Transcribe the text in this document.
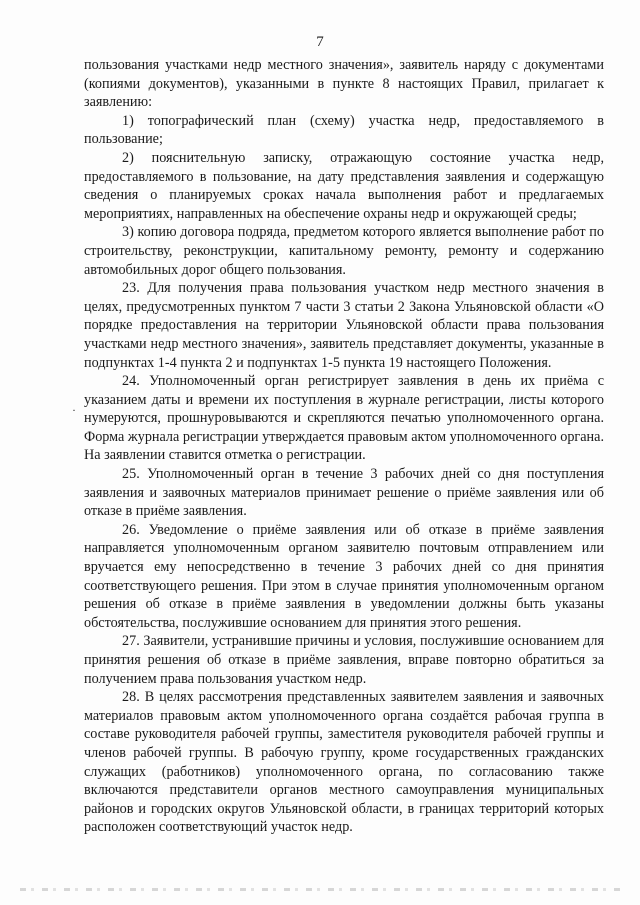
7

пользования участками недр местного значения», заявитель наряду с документами (копиями документов), указанными в пункте 8 настоящих Правил, прилагает к заявлению:

1) топографический план (схему) участка недр, предоставляемого в пользование;

2) пояснительную записку, отражающую состояние участка недр, предоставляемого в пользование, на дату представления заявления и содержащую сведения о планируемых сроках начала выполнения работ и предлагаемых мероприятиях, направленных на обеспечение охраны недр и окружающей среды;

3) копию договора подряда, предметом которого является выполнение работ по строительству, реконструкции, капитальному ремонту, ремонту и содержанию автомобильных дорог общего пользования.

23. Для получения права пользования участком недр местного значения в целях, предусмотренных пунктом 7 части 3 статьи 2 Закона Ульяновской области «О порядке предоставления на территории Ульяновской области права пользования участками недр местного значения», заявитель представляет документы, указанные в подпунктах 1-4 пункта 2 и подпунктах 1-5 пункта 19 настоящего Положения.

24. Уполномоченный орган регистрирует заявления в день их приёма с указанием даты и времени их поступления в журнале регистрации, листы которого нумеруются, прошнуровываются и скрепляются печатью уполномоченного органа. Форма журнала регистрации утверждается правовым актом уполномоченного органа. На заявлении ставится отметка о регистрации.

25. Уполномоченный орган в течение 3 рабочих дней со дня поступления заявления и заявочных материалов принимает решение о приёме заявления или об отказе в приёме заявления.

26. Уведомление о приёме заявления или об отказе в приёме заявления направляется уполномоченным органом заявителю почтовым отправлением или вручается ему непосредственно в течение 3 рабочих дней со дня принятия соответствующего решения. При этом в случае принятия уполномоченным органом решения об отказе в приёме заявления в уведомлении должны быть указаны обстоятельства, послужившие основанием для принятия этого решения.

27. Заявители, устранившие причины и условия, послужившие основанием для принятия решения об отказе в приёме заявления, вправе повторно обратиться за получением права пользования участком недр.

28. В целях рассмотрения представленных заявителем заявления и заявочных материалов правовым актом уполномоченного органа создаётся рабочая группа в составе руководителя рабочей группы, заместителя руководителя рабочей группы и членов рабочей группы. В рабочую группу, кроме государственных гражданских служащих (работников) уполномоченного органа, по согласованию также включаются представители органов местного самоуправления муниципальных районов и городских округов Ульяновской области, в границах территорий которых расположен соответствующий участок недр.

·
